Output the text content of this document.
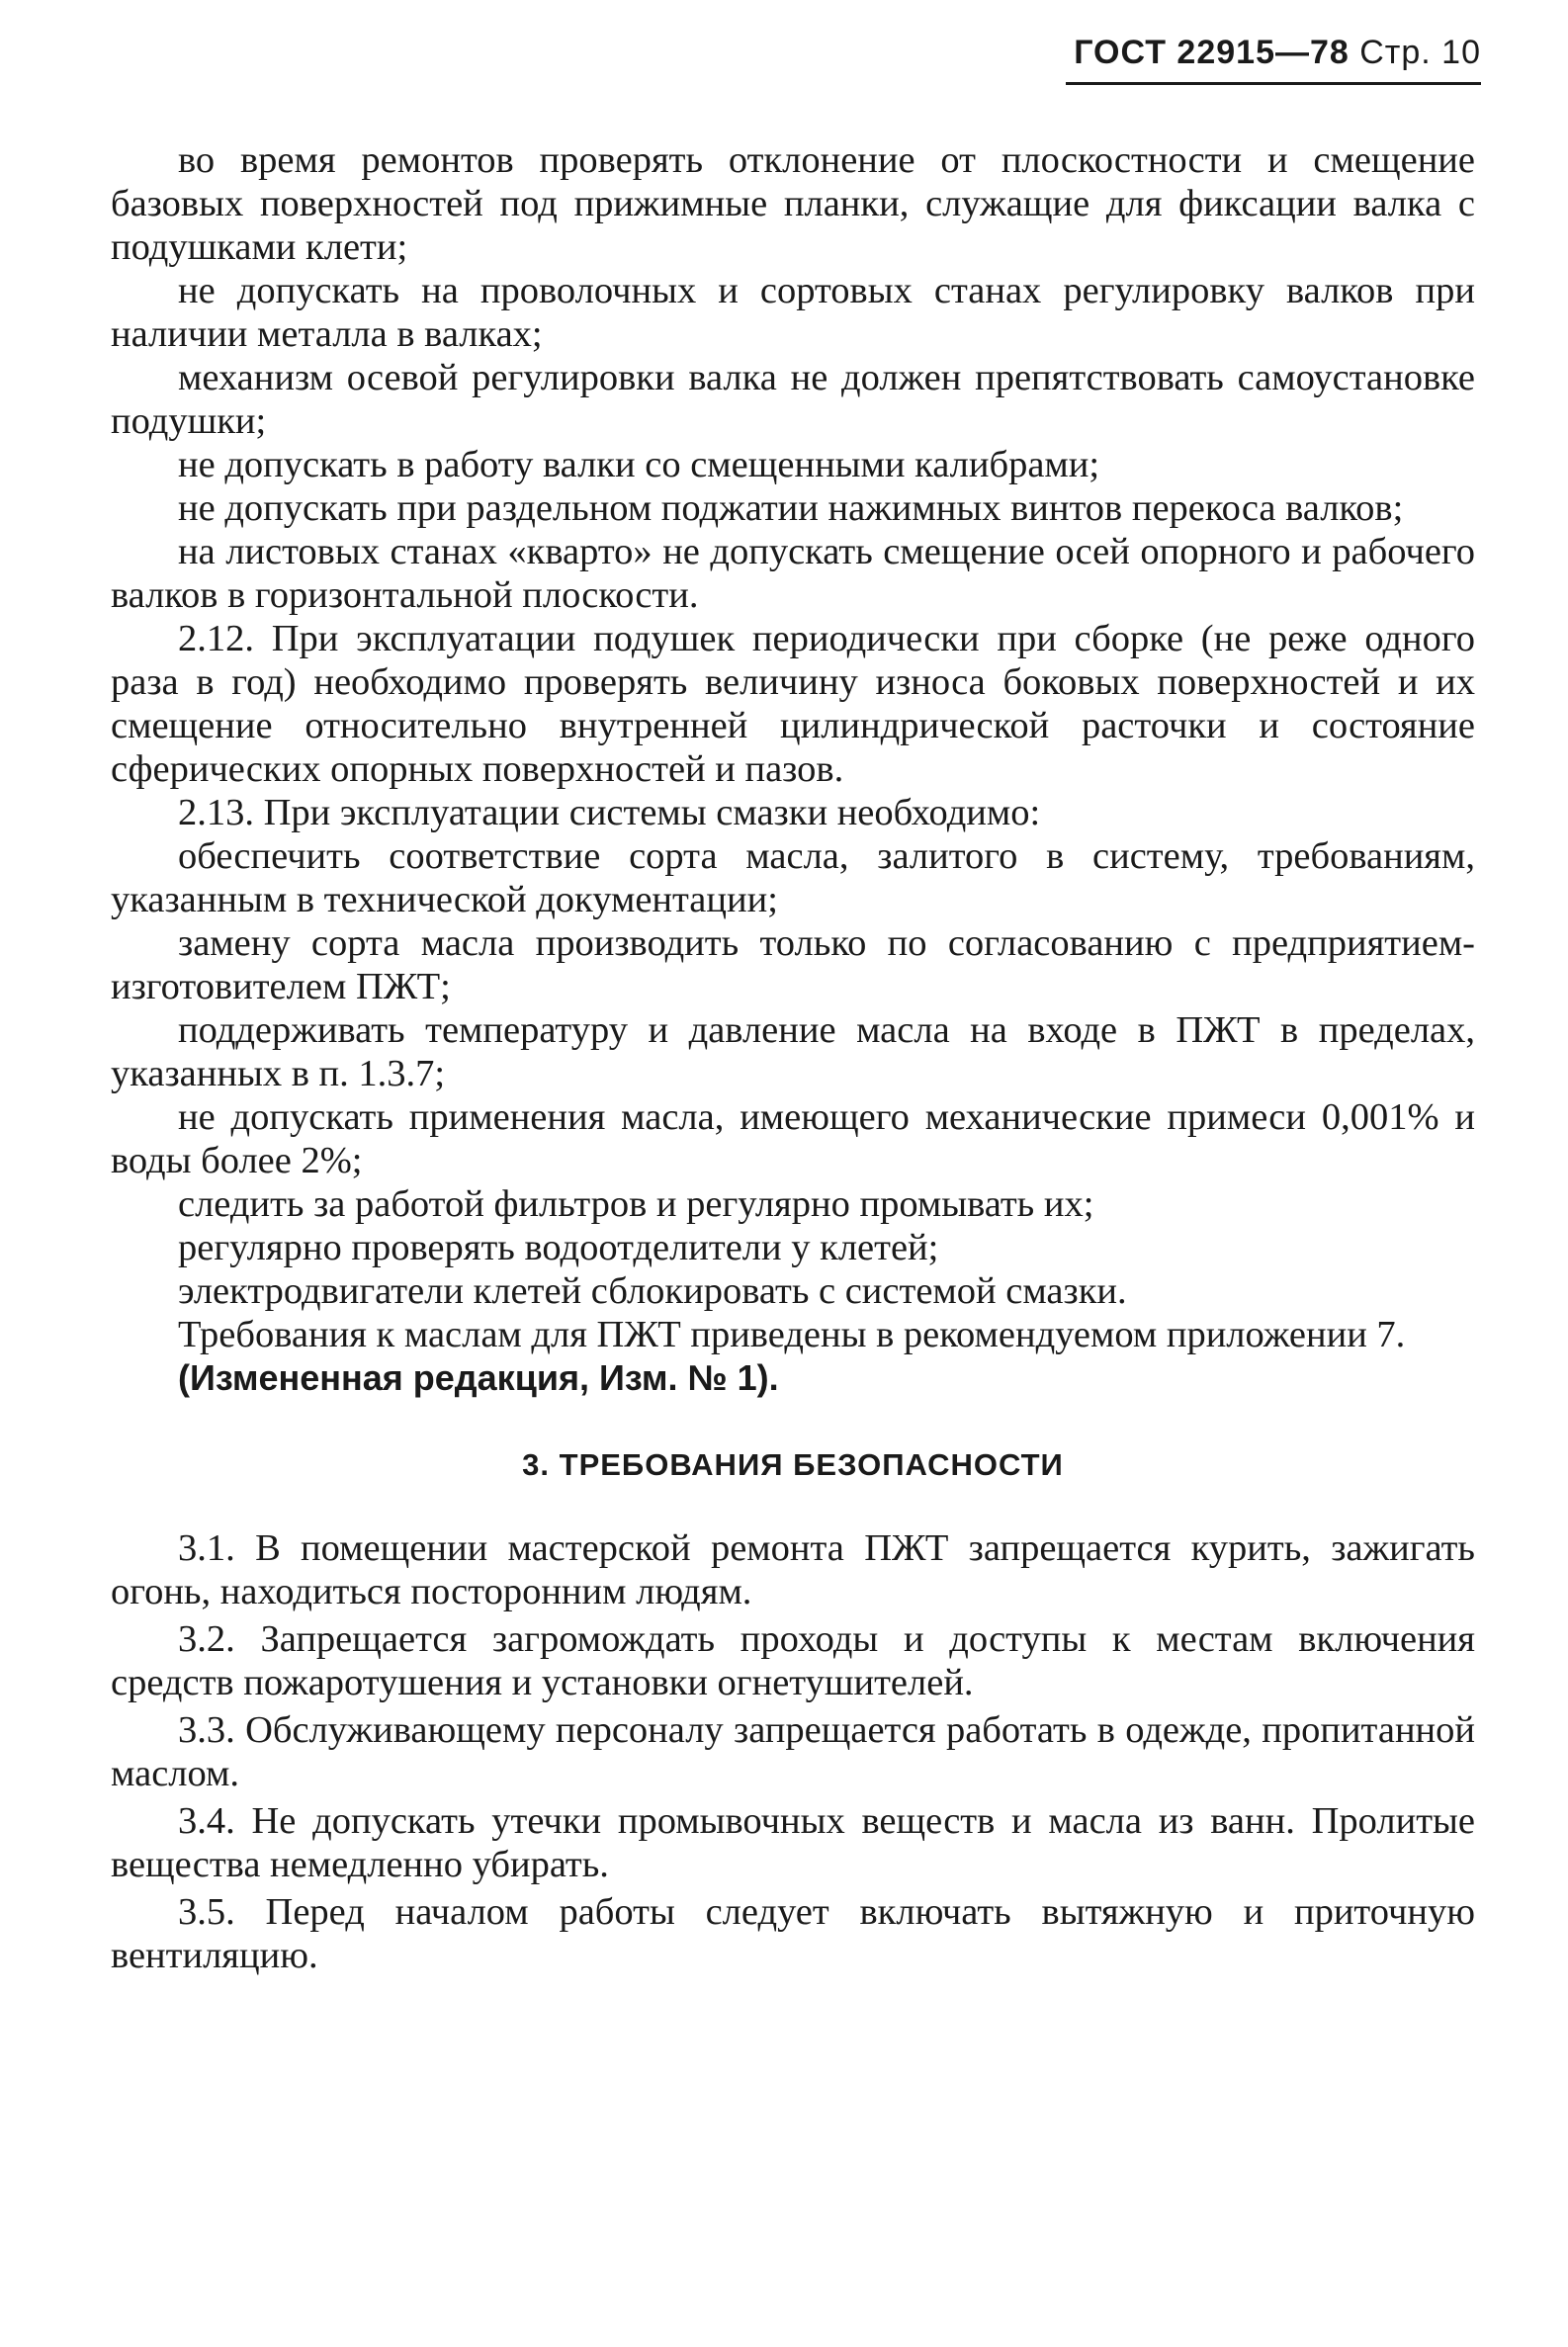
ГОСТ 22915—78 Стр. 10

во время ремонтов проверять отклонение от плоскостности и смещение базовых поверхностей под прижимные планки, служащие для фиксации валка с подушками клети;

не допускать на проволочных и сортовых станах регулировку валков при наличии металла в валках;

механизм осевой регулировки валка не должен препятствовать самоустановке подушки;

не допускать в работу валки со смещенными калибрами;

не допускать при раздельном поджатии нажимных винтов перекоса валков;

на листовых станах «кварто» не допускать смещение осей опорного и рабочего валков в горизонтальной плоскости.

2.12. При эксплуатации подушек периодически при сборке (не реже одного раза в год) необходимо проверять величину износа боковых поверхностей и их смещение относительно внутренней цилиндрической расточки и состояние сферических опорных поверхностей и пазов.

2.13. При эксплуатации системы смазки необходимо:

обеспечить соответствие сорта масла, залитого в систему, требованиям, указанным в технической документации;

замену сорта масла производить только по согласованию с предприятием-изготовителем ПЖТ;

поддерживать температуру и давление масла на входе в ПЖТ в пределах, указанных в п. 1.3.7;

не допускать применения масла, имеющего механические примеси 0,001% и воды более 2%;

следить за работой фильтров и регулярно промывать их;

регулярно проверять водоотделители у клетей;

электродвигатели клетей сблокировать с системой смазки.

Требования к маслам для ПЖТ приведены в рекомендуемом приложении 7.

(Измененная редакция, Изм. № 1).

3. ТРЕБОВАНИЯ БЕЗОПАСНОСТИ

3.1. В помещении мастерской ремонта ПЖТ запрещается курить, зажигать огонь, находиться посторонним людям.

3.2. Запрещается загромождать проходы и доступы к местам включения средств пожаротушения и установки огнетушителей.

3.3. Обслуживающему персоналу запрещается работать в одежде, пропитанной маслом.

3.4. Не допускать утечки промывочных веществ и масла из ванн. Пролитые вещества немедленно убирать.

3.5. Перед началом работы следует включать вытяжную и приточную вентиляцию.
